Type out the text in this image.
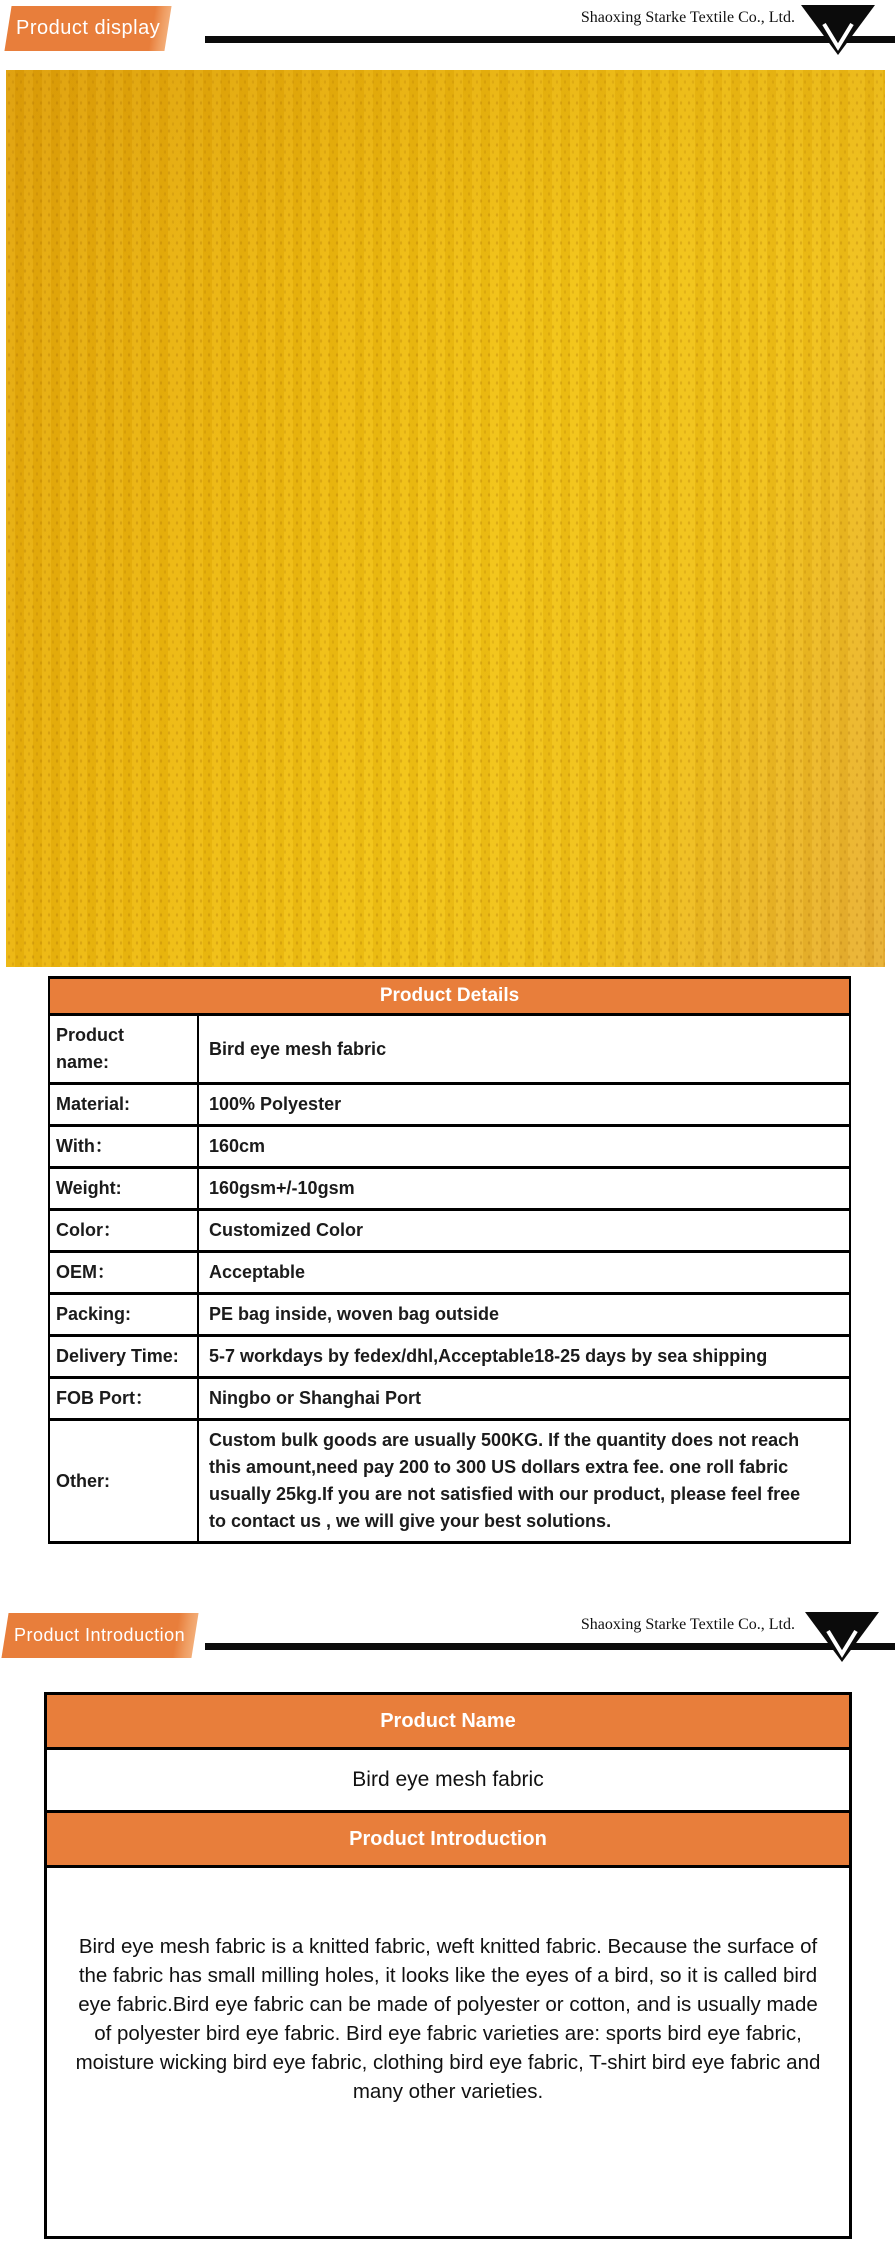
Product display	Shaoxing Starke Textile Co., Ltd.
Product Details	
Product name:	Bird eye mesh fabric
Material:	100% Polyester
With：	160cm
Weight:	160gsm+/-10gsm
Color：	Customized Color
OEM：	Acceptable
Packing:	PE bag inside, woven bag outside
Delivery Time:	5-7 workdays by fedex/dhl,Acceptable18-25 days by sea shipping
FOB Port：	Ningbo or Shanghai Port
Other:	Custom bulk goods are usually 500KG. If the quantity does not reach this amount,need pay 200 to 300 US dollars extra fee. one roll fabric usually 25kg.If you are not satisfied with our product, please feel free to contact us , we will give your best solutions.
Product Introduction
Shaoxing Starke Textile Co., Ltd.
Product Name
Bird eye mesh fabric
Product Introduction

Bird eye mesh fabric is a knitted fabric, weft knitted fabric. Because the surface of the fabric has small milling holes, it looks like the eyes of a bird, so it is called bird eye fabric.Bird eye fabric can be made of polyester or cotton, and is usually made of polyester bird eye fabric. Bird eye fabric varieties are: sports bird eye fabric, moisture wicking bird eye fabric, clothing bird eye fabric, T-shirt bird eye fabric and many other varieties.
